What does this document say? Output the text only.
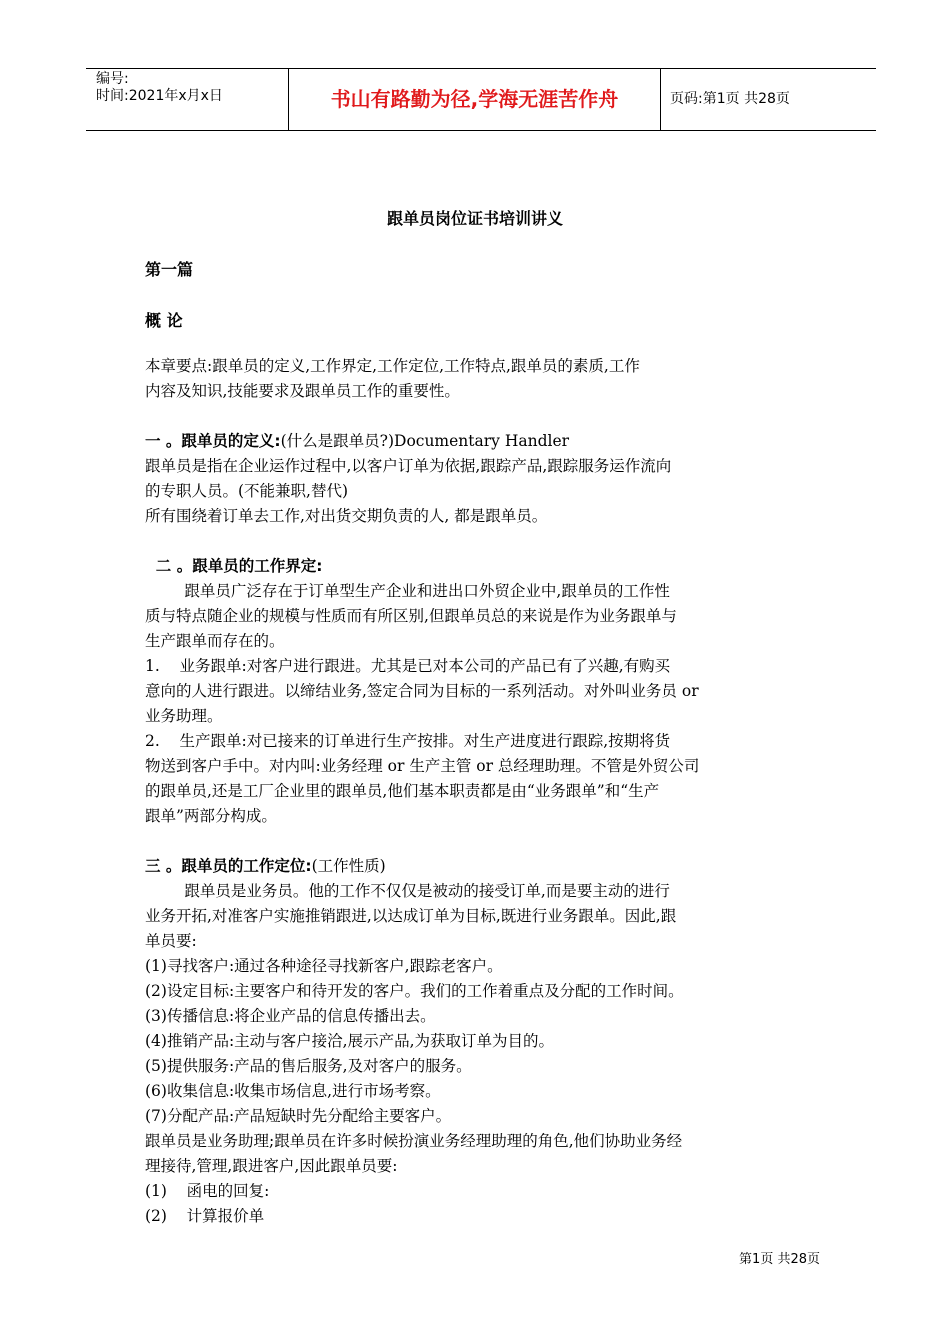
编号:
时间:2021年x月x日	书山有路勤为径,学海无涯苦作舟	页码:第1页 共28页
跟单员岗位证书培训讲义
第一篇
概 论

本章要点:跟单员的定义,工作界定,工作定位,工作特点,跟单员的素质,工作

内容及知识,技能要求及跟单员工作的重要性。

一 。跟单员的定义:(什么是跟单员?)Documentary Handler

跟单员是指在企业运作过程中,以客户订单为依据,跟踪产品,跟踪服务运作流向

的专职人员。(不能兼职,替代)

所有围绕着订单去工作,对出货交期负责的人, 都是跟单员。

二 。跟单员的工作界定:

跟单员广泛存在于订单型生产企业和进出口外贸企业中,跟单员的工作性

质与特点随企业的规模与性质而有所区别,但跟单员总的来说是作为业务跟单与

生产跟单而存在的。

1.    业务跟单:对客户进行跟进。尤其是已对本公司的产品已有了兴趣,有购买

意向的人进行跟进。以缔结业务,签定合同为目标的一系列活动。对外叫业务员 or

业务助理。

2.    生产跟单:对已接来的订单进行生产按排。对生产进度进行跟踪,按期将货

物送到客户手中。对内叫:业务经理 or 生产主管 or 总经理助理。不管是外贸公司

的跟单员,还是工厂企业里的跟单员,他们基本职责都是由“业务跟单”和“生产

跟单”两部分构成。

三 。跟单员的工作定位:(工作性质)

跟单员是业务员。他的工作不仅仅是被动的接受订单,而是要主动的进行

业务开拓,对准客户实施推销跟进,以达成订单为目标,既进行业务跟单。因此,跟

单员要:

(1)寻找客户:通过各种途径寻找新客户,跟踪老客户。

(2)设定目标:主要客户和待开发的客户。我们的工作着重点及分配的工作时间。

(3)传播信息:将企业产品的信息传播出去。

(4)推销产品:主动与客户接洽,展示产品,为获取订单为目的。

(5)提供服务:产品的售后服务,及对客户的服务。

(6)收集信息:收集市场信息,进行市场考察。

(7)分配产品:产品短缺时先分配给主要客户。

跟单员是业务助理;跟单员在许多时候扮演业务经理助理的角色,他们协助业务经

理接待,管理,跟进客户,因此跟单员要:

(1)    函电的回复:

(2)    计算报价单

第1页 共28页
